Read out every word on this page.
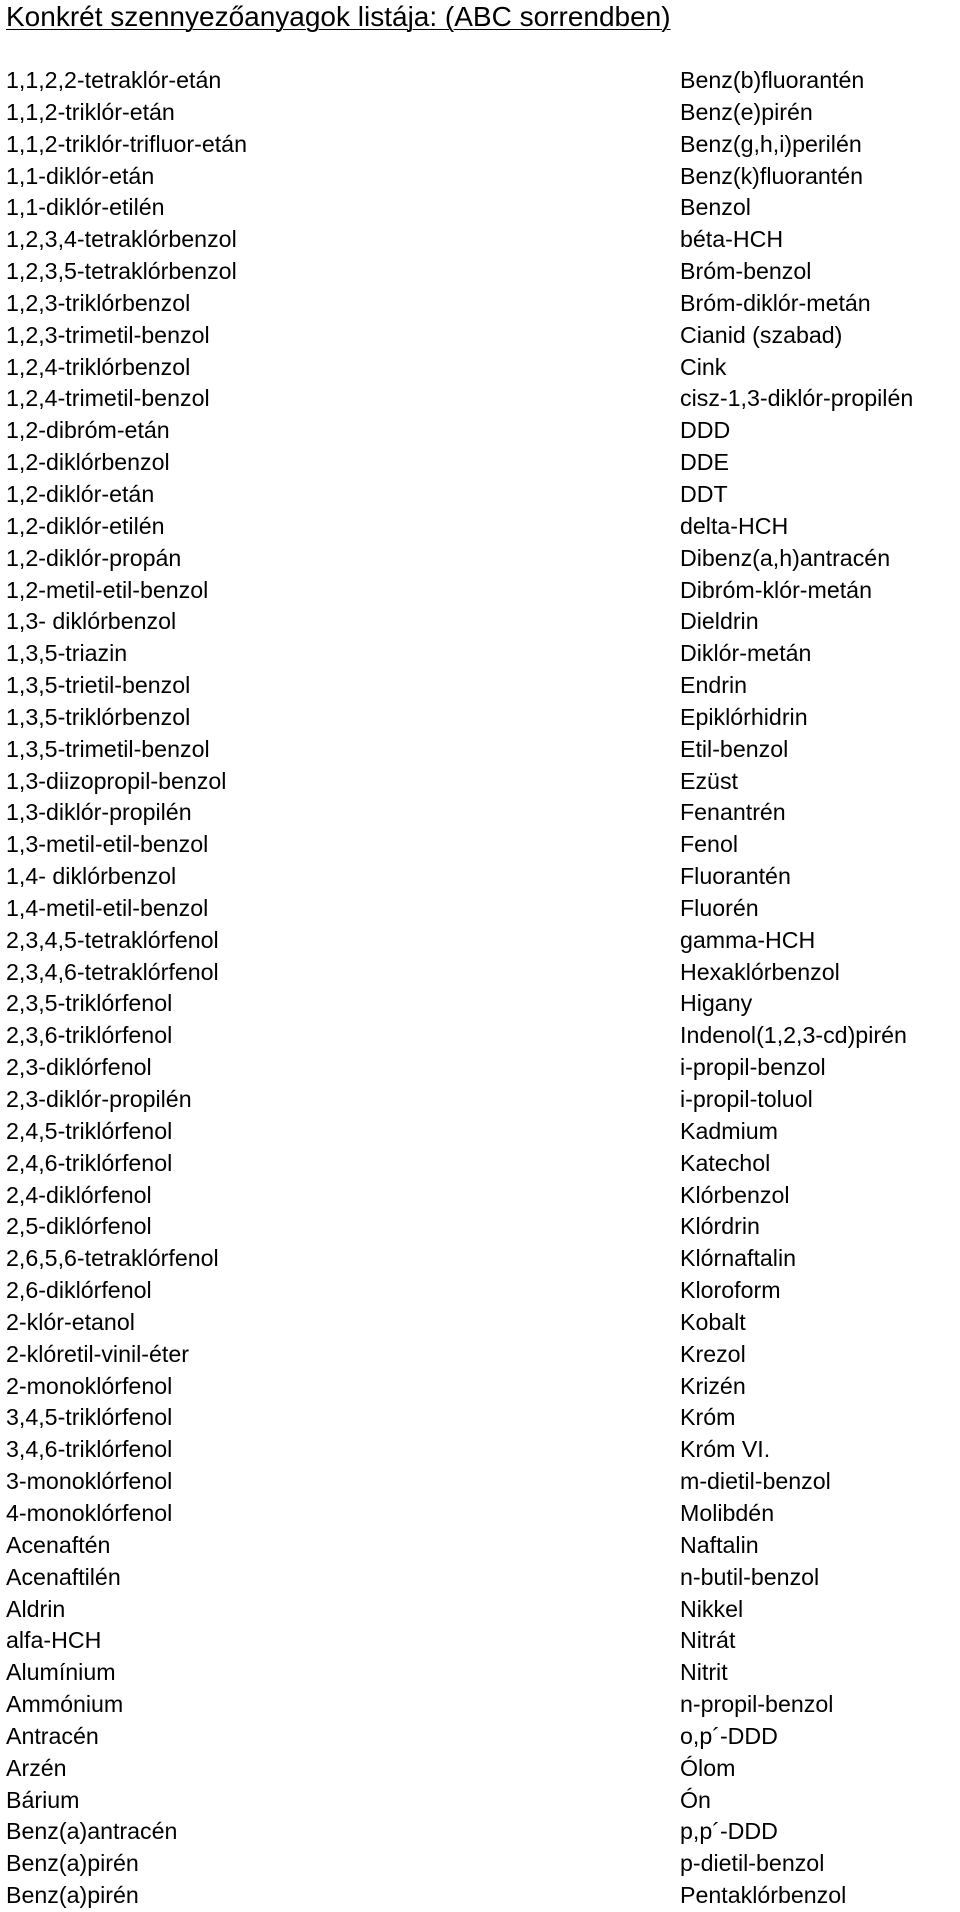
Konkrét szennyezőanyagok listája: (ABC sorrendben)
1,1,2,2-tetraklór-etán
1,1,2-triklór-etán
1,1,2-triklór-trifluor-etán
1,1-diklór-etán
1,1-diklór-etilén
1,2,3,4-tetraklórbenzol
1,2,3,5-tetraklórbenzol
1,2,3-triklórbenzol
1,2,3-trimetil-benzol
1,2,4-triklórbenzol
1,2,4-trimetil-benzol
1,2-dibróm-etán
1,2-diklórbenzol
1,2-diklór-etán
1,2-diklór-etilén
1,2-diklór-propán
1,2-metil-etil-benzol
1,3- diklórbenzol
1,3,5-triazin
1,3,5-trietil-benzol
1,3,5-triklórbenzol
1,3,5-trimetil-benzol
1,3-diizopropil-benzol
1,3-diklór-propilén
1,3-metil-etil-benzol
1,4- diklórbenzol
1,4-metil-etil-benzol
2,3,4,5-tetraklórfenol
2,3,4,6-tetraklórfenol
2,3,5-triklórfenol
2,3,6-triklórfenol
2,3-diklórfenol
2,3-diklór-propilén
2,4,5-triklórfenol
2,4,6-triklórfenol
2,4-diklórfenol
2,5-diklórfenol
2,6,5,6-tetraklórfenol
2,6-diklórfenol
2-klór-etanol
2-klóretil-vinil-éter
2-monoklórfenol
3,4,5-triklórfenol
3,4,6-triklórfenol
3-monoklórfenol
4-monoklórfenol
Acenaftén
Acenaftilén
Aldrin
alfa-HCH
Alumínium
Ammónium
Antracén
Arzén
Bárium
Benz(a)antracén
Benz(a)pirén
Benz(a)pirén
Benz(b)fluorantén
Benz(e)pirén
Benz(g,h,i)perilén
Benz(k)fluorantén
Benzol
béta-HCH
Bróm-benzol
Bróm-diklór-metán
Cianid (szabad)
Cink
cisz-1,3-diklór-propilén
DDD
DDE
DDT
delta-HCH
Dibenz(a,h)antracén
Dibróm-klór-metán
Dieldrin
Diklór-metán
Endrin
Epiklórhidrin
Etil-benzol
Ezüst
Fenantrén
Fenol
Fluorantén
Fluorén
gamma-HCH
Hexaklórbenzol
Higany
Indenol(1,2,3-cd)pirén
i-propil-benzol
i-propil-toluol
Kadmium
Katechol
Klórbenzol
Klórdrin
Klórnaftalin
Kloroform
Kobalt
Krezol
Krizén
Króm
Króm VI.
m-dietil-benzol
Molibdén
Naftalin
n-butil-benzol
Nikkel
Nitrát
Nitrit
n-propil-benzol
o,p´-DDD
Ólom
Ón
p,p´-DDD
p-dietil-benzol
Pentaklórbenzol
